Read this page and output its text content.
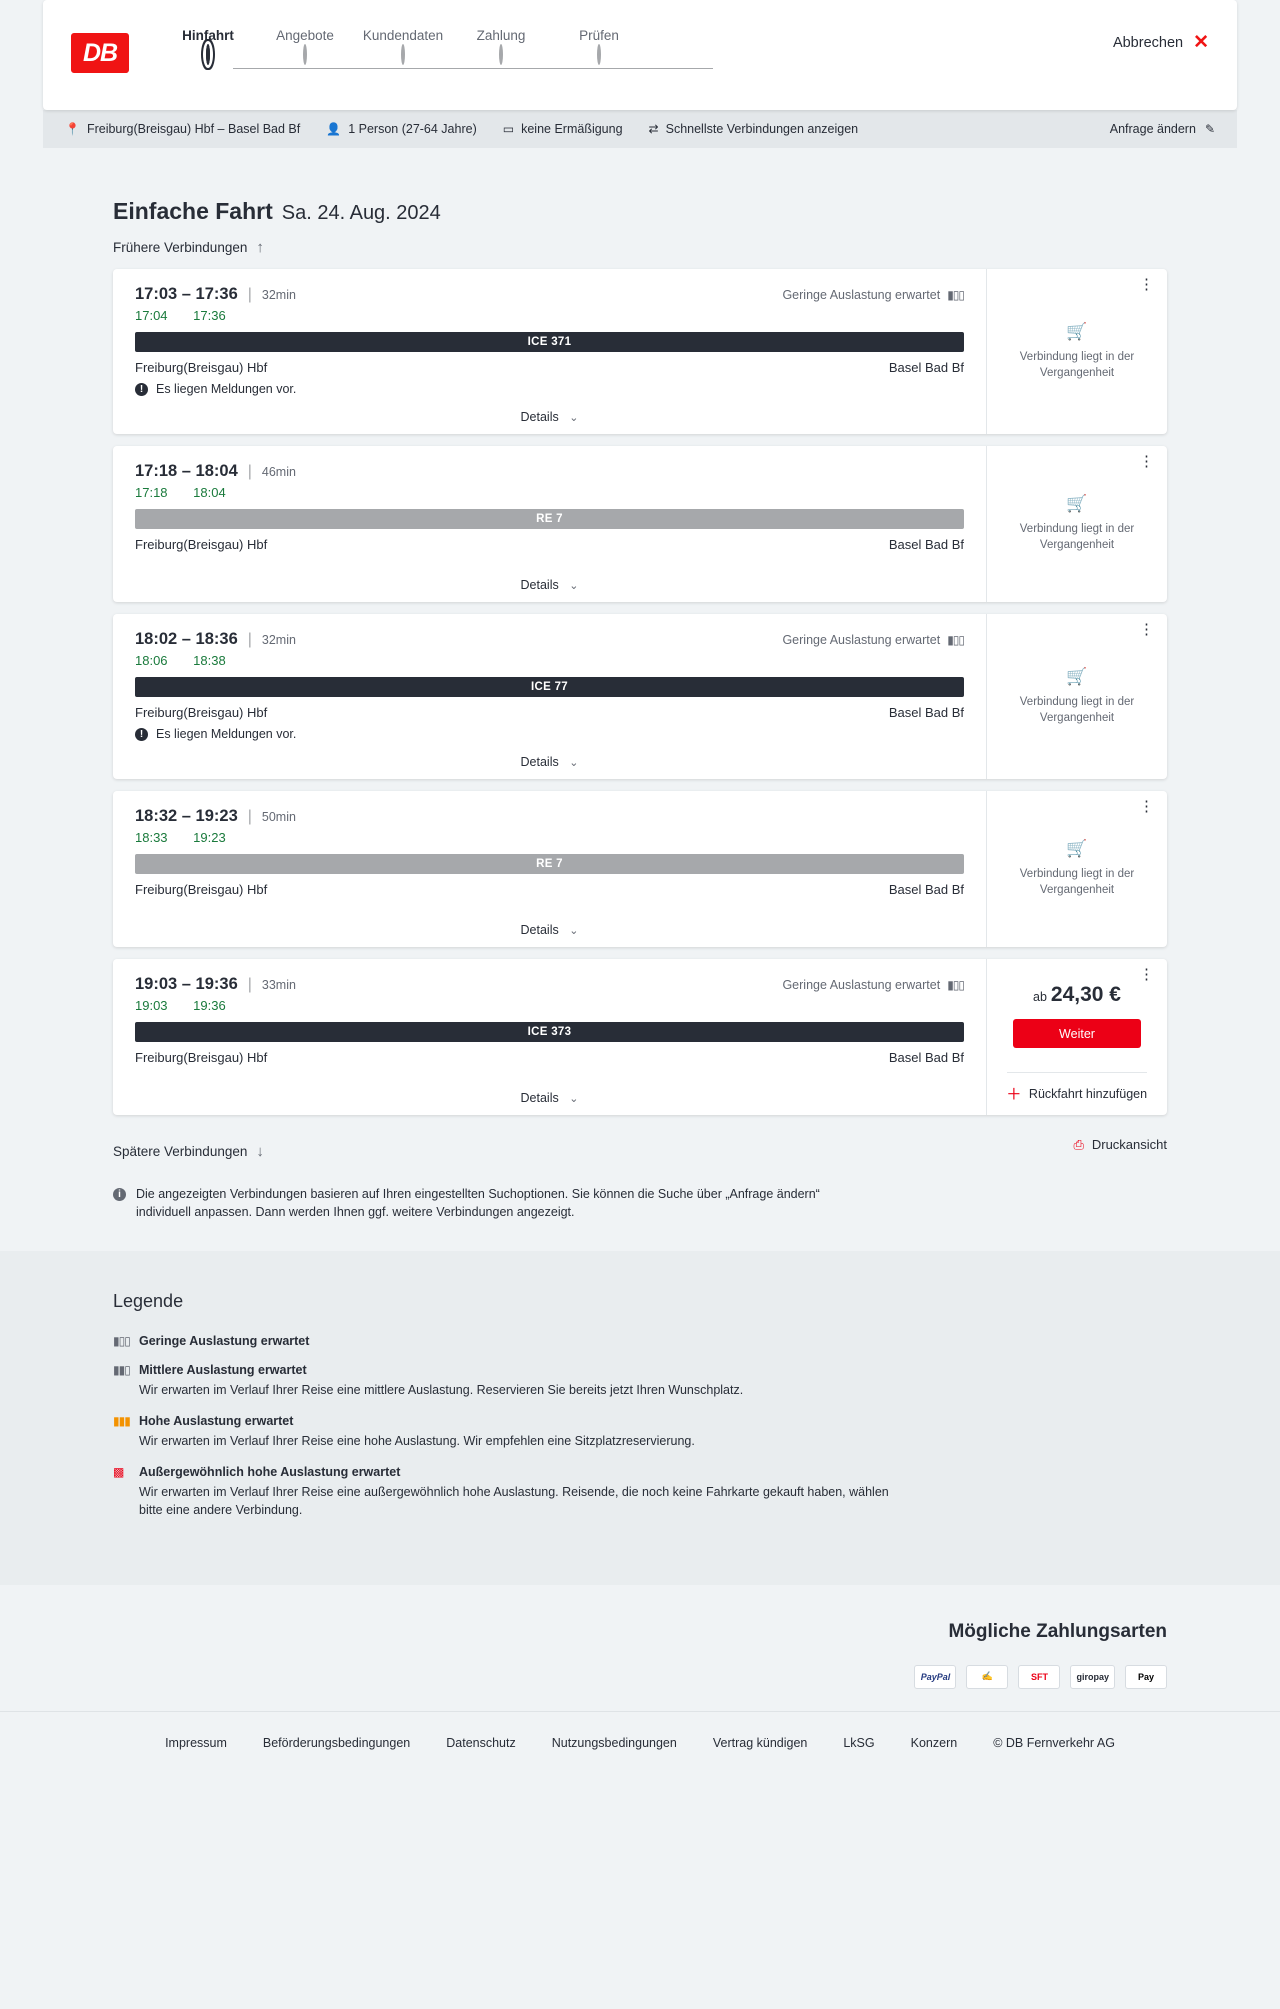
DB
Hinfahrt	Angebote	Kundendaten	Zahlung	Prüfen	Abbrechen ✕
📍 Freiburg(Breisgau) Hbf – Basel Bad Bf 👤 1 Person (27-64 Jahre) ▭ keine Ermäßigung ⇄ Schnellste Verbindungen anzeigen	Anfrage ändern ✎
Einfache Fahrt Sa. 24. Aug. 2024
Frühere Verbindungen ↑
17:03 – 17:36 | 32min	Geringe Auslastung erwartet ▮▯▯
17:04 17:36
ICE 371
Freiburg(Breisgau) Hbf	Basel Bad Bf
!	Es liegen Meldungen vor.
Details ⌄
⋮
🛒
Verbindung liegt in der Vergangenheit
17:18 – 18:04 | 46min
17:18 18:04
RE 7
Freiburg(Breisgau) Hbf	Basel Bad Bf
Details ⌄
⋮
🛒
Verbindung liegt in der Vergangenheit
18:02 – 18:36 | 32min	Geringe Auslastung erwartet ▮▯▯
18:06 18:38
ICE 77
Freiburg(Breisgau) Hbf	Basel Bad Bf
!	Es liegen Meldungen vor.
Details ⌄
⋮
🛒
Verbindung liegt in der Vergangenheit
18:32 – 19:23 | 50min
18:33 19:23
RE 7
Freiburg(Breisgau) Hbf	Basel Bad Bf
Details ⌄
⋮
🛒
Verbindung liegt in der Vergangenheit
19:03 – 19:36 | 33min	Geringe Auslastung erwartet ▮▯▯
19:03 19:36
ICE 373
Freiburg(Breisgau) Hbf	Basel Bad Bf
Details ⌄
⋮
ab 24,30 €
Weiter
＋ Rückfahrt hinzufügen
Spätere Verbindungen ↓	⎙ Druckansicht
i	Die angezeigten Verbindungen basieren auf Ihren eingestellten Suchoptionen. Sie können die Suche über „Anfrage ändern“ individuell anpassen. Dann werden Ihnen ggf. weitere Verbindungen angezeigt.
Legende
▮▯▯ Geringe Auslastung erwartet
▮▮▯ Mittlere Auslastung erwartet
Wir erwarten im Verlauf Ihrer Reise eine mittlere Auslastung. Reservieren Sie bereits jetzt Ihren Wunschplatz.
▮▮▮ Hohe Auslastung erwartet
Wir erwarten im Verlauf Ihrer Reise eine hohe Auslastung. Wir empfehlen eine Sitzplatzreservierung.
▩ Außergewöhnlich hohe Auslastung erwartet
Wir erwarten im Verlauf Ihrer Reise eine außergewöhnlich hohe Auslastung. Reisende, die noch keine Fahrkarte gekauft haben, wählen bitte eine andere Verbindung.
Mögliche Zahlungsarten
PayPal	✍	SFT	giropay	Pay
Impressum	Beförderungsbedingungen	Datenschutz	Nutzungsbedingungen	Vertrag kündigen	LkSG	Konzern	© DB Fernverkehr AG
